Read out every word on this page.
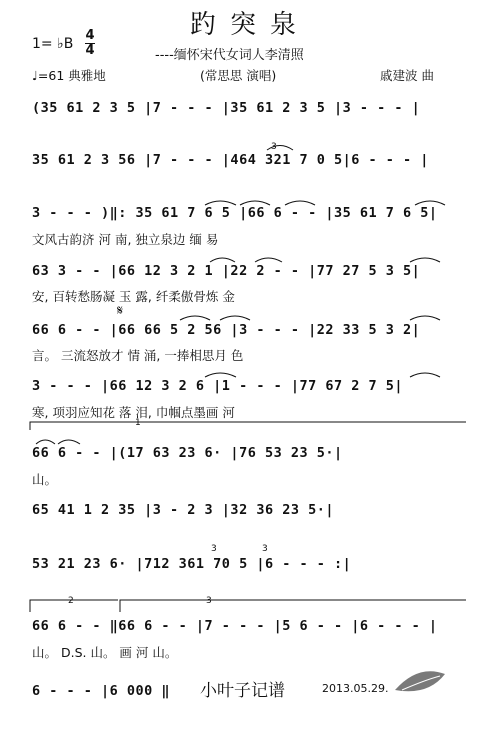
趵突泉
1= ♭B
4
4	----缅怀宋代女词人李清照
♩=61 典雅地	(常思思 演唱)	戚建波 曲
(35 61 2 3 5 |7 - - - |35 61 2 3 5 |3 - - - |
35 61 2 3 56 |7 - - - |464 321 7 0 5|6 - - - |
3 - - - )‖: 35 61 7 6 5 |66 6 - - |35 61 7 6 5|
文风古韵济 河 南, 独立泉边 缅 易
63 3 - - |66 12 3 2 1 |22 2 - - |77 27 5 3 5|
安, 百转愁肠凝 玉 露, 纤柔傲骨炼 金
66 6 - - |66 66 5 2 56 |3 - - - |22 33 5 3 2|
言。 三流怒放才 情 涌, 一捧相思月 色
3 - - - |66 12 3 2 6 |1 - - - |77 67 2 7 5|
寒, 项羽应知花 落 泪, 巾帼点墨画 河
66 6 - - |(17 63 23 6· |76 53 23 5·|
山。
65 41 1 2 35 |3 - 2 3 |32 36 23 5·|
53 21 23 6· |712 361 70 5 |6 - - - :|
66 6 - - ‖66 6 - - |7 - - - |5 6 - - |6 - - - |
山。 D.S. 山。 画 河 山。
6 - - - |6 000 ‖
𝄋
1
2	3
3
3	3
小叶子记谱	2013.05.29.
